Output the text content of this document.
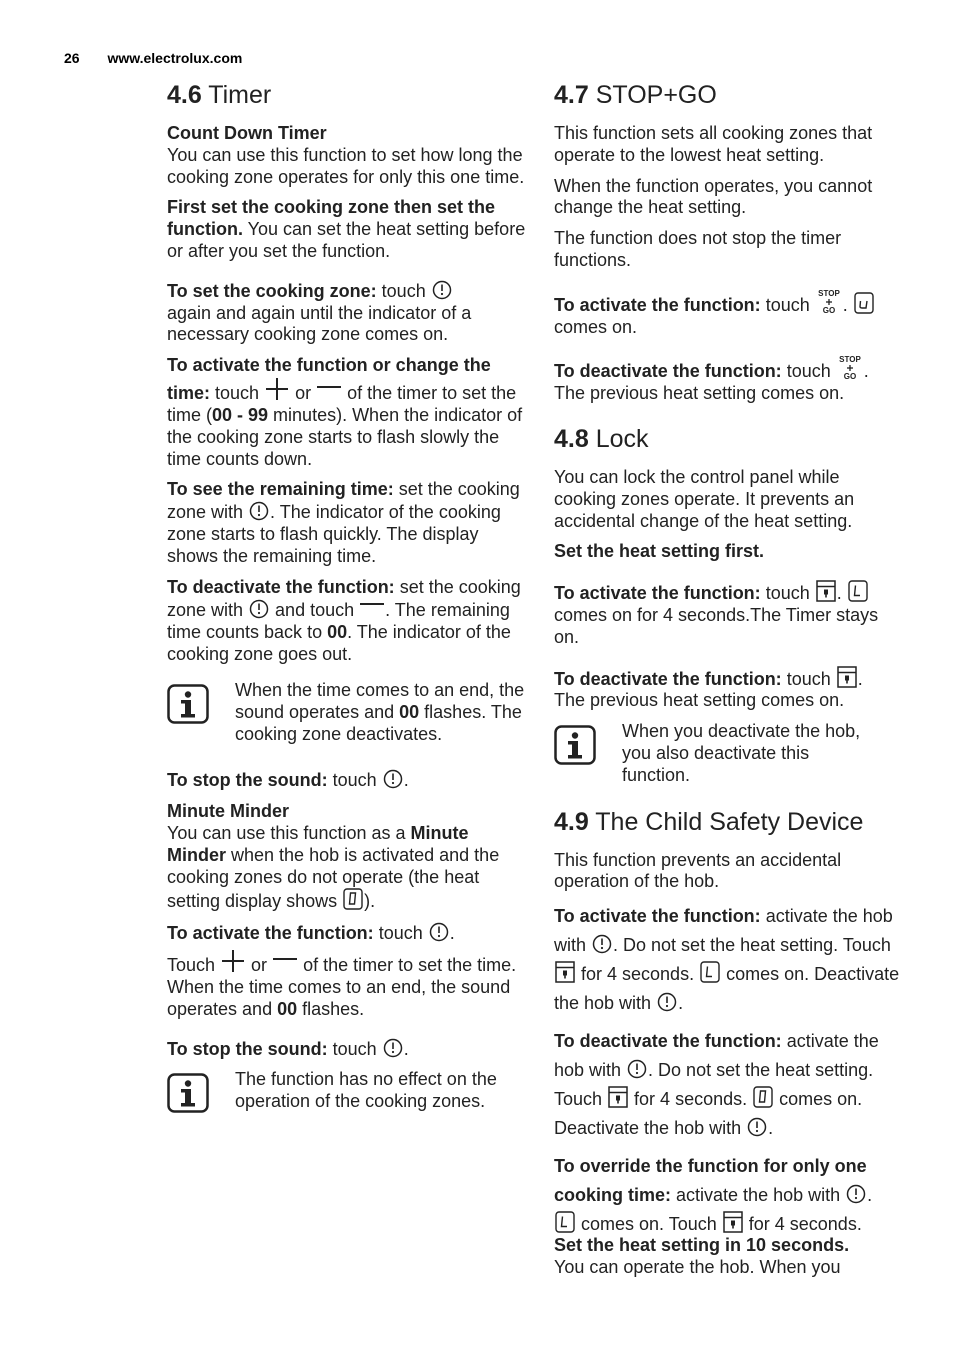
26 www.electrolux.com
4.6 Timer

Count Down Timer

You can use this function to set how long the cooking zone operates for only this one time.

First set the cooking zone then set the function. You can set the heat setting before or after you set the function.

To set the cooking zone: touch
again and again until the indicator of a necessary cooking zone comes on.

To activate the function or change the time: touch  or  of the timer to set the time (00 - 99 minutes). When the indicator of the cooking zone starts to flash slowly the time counts down.

To see the remaining time: set the cooking zone with . The indicator of the cooking zone starts to flash quickly. The display shows the remaining time.

To deactivate the function: set the cooking zone with  and touch . The remaining time counts back to 00. The indicator of the cooking zone goes out.

When the time comes to an end, the sound operates and 00 flashes. The cooking zone deactivates.

To stop the sound: touch .

Minute Minder

You can use this function as a Minute Minder when the hob is activated and the cooking zones do not operate (the heat setting display shows ).

To activate the function: touch .

Touch  or  of the timer to set the time. When the time comes to an end, the sound operates and 00 flashes.

To stop the sound: touch .

The function has no effect on the operation of the cooking zones.

4.7 STOP+GO

This function sets all cooking zones that operate to the lowest heat setting.

When the function operates, you cannot change the heat setting.

The function does not stop the timer functions.

To activate the function: touch .
comes on.

To deactivate the function: touch .
The previous heat setting comes on.

4.8 Lock

You can lock the control panel while cooking zones operate. It prevents an accidental change of the heat setting.

Set the heat setting first.

To activate the function: touch .
comes on for 4 seconds.The Timer stays on.

To deactivate the function: touch .
The previous heat setting comes on.

When you deactivate the hob, you also deactivate this function.

4.9 The Child Safety Device

This function prevents an accidental operation of the hob.

To activate the function: activate the hob with . Do not set the heat setting. Touch  for 4 seconds.  comes on. Deactivate the hob with .

To deactivate the function: activate the hob with . Do not set the heat setting. Touch  for 4 seconds.  comes on. Deactivate the hob with .

To override the function for only one cooking time: activate the hob with .
comes on. Touch  for 4 seconds.

Set the heat setting in 10 seconds.
You can operate the hob. When you
